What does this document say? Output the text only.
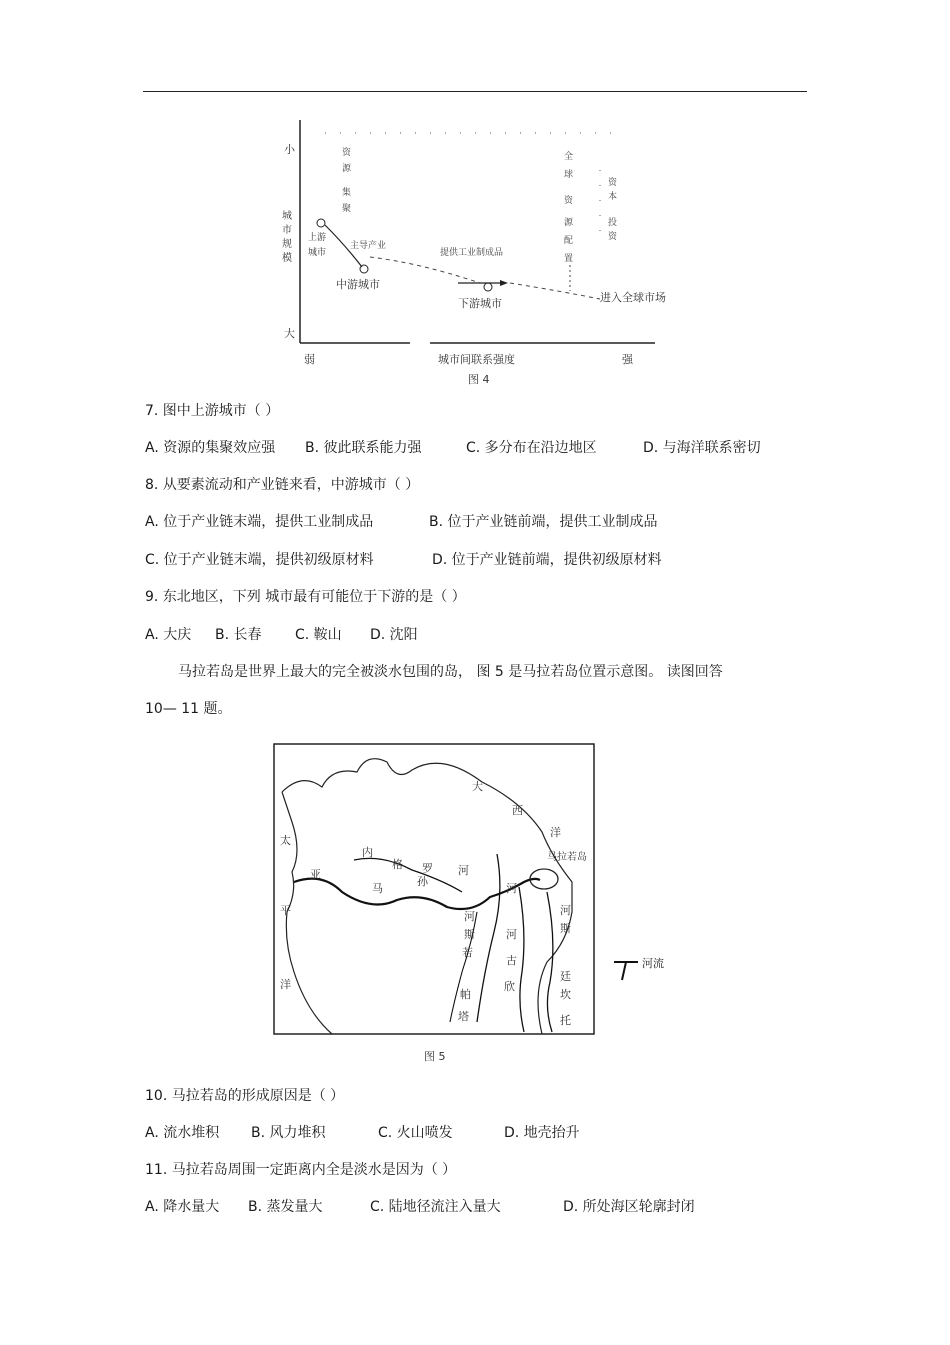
小
大
城
市
规
模
弱	城市间联系强度	强
图 4
资
源
集
聚
上游
城市
中游城市
主导产业
下游城市
提供工业制成品
全
球
资
源
配
置
资
本
投
资
进入全球市场
7. 图中上游城市（ ）
A. 资源的集聚效应强 B. 彼此联系能力强	C. 多分布在沿边地区	D. 与海洋联系密切
8. 从要素流动和产业链来看，中游城市（ ）
A. 位于产业链末端，提供工业制成品	B. 位于产业链前端，提供工业制成品
C. 位于产业链末端，提供初级原材料	D. 位于产业链前端，提供初级原材料
9. 东北地区，下列 城市最有可能位于下游的是（ ）
A. 大庆 B. 长春 C. 鞍山 D. 沈阳
马拉若岛是世界上最大的完全被淡水包围的岛， 图 5 是马拉若岛位置示意图。 读图回答
10— 11 题。
马拉若岛
大
西
洋
太
平
洋
亚
马
孙
河
内
格 罗
河
塔
帕
若
斯
河
欣
古
河
托
坎
廷
斯
河
图 5
河流
10. 马拉若岛的形成原因是（ ）
A. 流水堆积 B. 风力堆积	C. 火山喷发	D. 地壳抬升
11. 马拉若岛周围一定距离内全是淡水是因为（ ）
A. 降水量大 B. 蒸发量大	C. 陆地径流注入量大	D. 所处海区轮廓封闭
